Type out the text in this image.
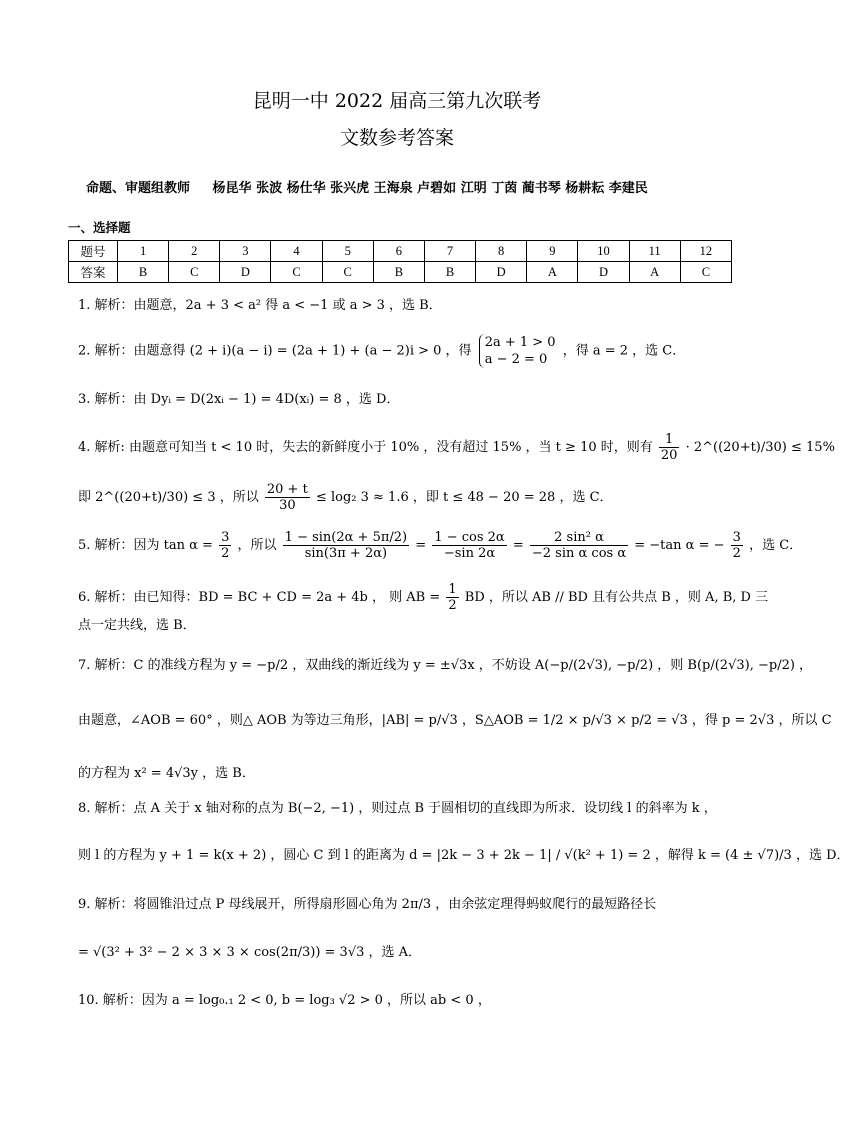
昆明一中 2022 届高三第九次联考
文数参考答案
命题、审题组教师 杨昆华 张波 杨仕华 张兴虎 王海泉 卢碧如 江明 丁茵 蔺书琴 杨耕耘 李建民
一、选择题
题号	1	2	3	4	5	6	7	8	9	10	11	12
答案	B	C	D	C	C	B	B	D	A	D	A	C
1. 解析：由题意，2a + 3 < a² 得 a < −1 或 a > 3 ，选 B．
2. 解析：由题意得 (2 + i)(a − i) = (2a + 1) + (a − 2)i > 0 ，得
2a + 1 > 0
a − 2 = 0
，得 a = 2 ，选 C．
3. 解析：由 Dyᵢ = D(2xᵢ − 1) = 4D(xᵢ) = 8 ，选 D．
4. 解析: 由题意可知当 t < 10 时，失去的新鲜度小于 10% ，没有超过 15% ，当 t ≥ 10 时，则有 $\frac{1}{20}$ · 2^((20+t)/30) ≤ 15%
即 2^((20+t)/30) ≤ 3 ，所以 $\frac{20 + t}{30} \le \log_2$ 3 ≈ 1.6 ，即 t ≤ 48 − 20 = 28 ，选 C．
5. 解析：因为 $\tan \alpha = \frac{3}{2}$ ，所以 $\frac{1 - \sin(2\alpha + 5\pi/2)}{\sin(3\pi + 2\alpha)} = \frac{1 - \cos 2\alpha}{-\sin 2\alpha} = \frac{\text{2 sin² α}}{\text{−2 sin α cos α}} = -\tan$ α = − $\frac{3}{2}$ ，选 C．
6. 解析：由已知得：BD = BC + CD = 2a + 4b ， 则 AB = $\frac{1}{2}$ BD ，所以 AB // BD 且有公共点 B ，则 A, B, D 三
点一定共线，选 B．
7. 解析：C 的准线方程为 y = −p/2 ，双曲线的渐近线为 y = ±√3x ，不妨设 A(−p/(2√3), −p/2) ，则 B(p/(2√3), −p/2) ，
由题意，∠AOB = 60° ，则△ AOB 为等边三角形，|AB| = p/√3 ，S△AOB = 1/2 × p/√3 × p/2 = √3 ，得 p = 2√3 ，所以 C
的方程为 x² = 4√3y ，选 B．
8. 解析：点 A 关于 x 轴对称的点为 B(−2, −1) ，则过点 B 于圆相切的直线即为所求．设切线 l 的斜率为 k ，
则 l 的方程为 y + 1 = k(x + 2) ，圆心 C 到 l 的距离为 d = |2k − 3 + 2k − 1| / √(k² + 1) = 2 ，解得 k = (4 ± √7)/3 ，选 D．
9. 解析：将圆锥沿过点 P 母线展开，所得扇形圆心角为 2π/3 ，由余弦定理得蚂蚁爬行的最短路径长
= √(3² + 3² − 2 × 3 × 3 × cos(2π/3)) = 3√3 ，选 A．
10. 解析：因为 a = log₀.₁ 2 < 0, b = log₃ √2 > 0 ，所以 ab < 0 ，
